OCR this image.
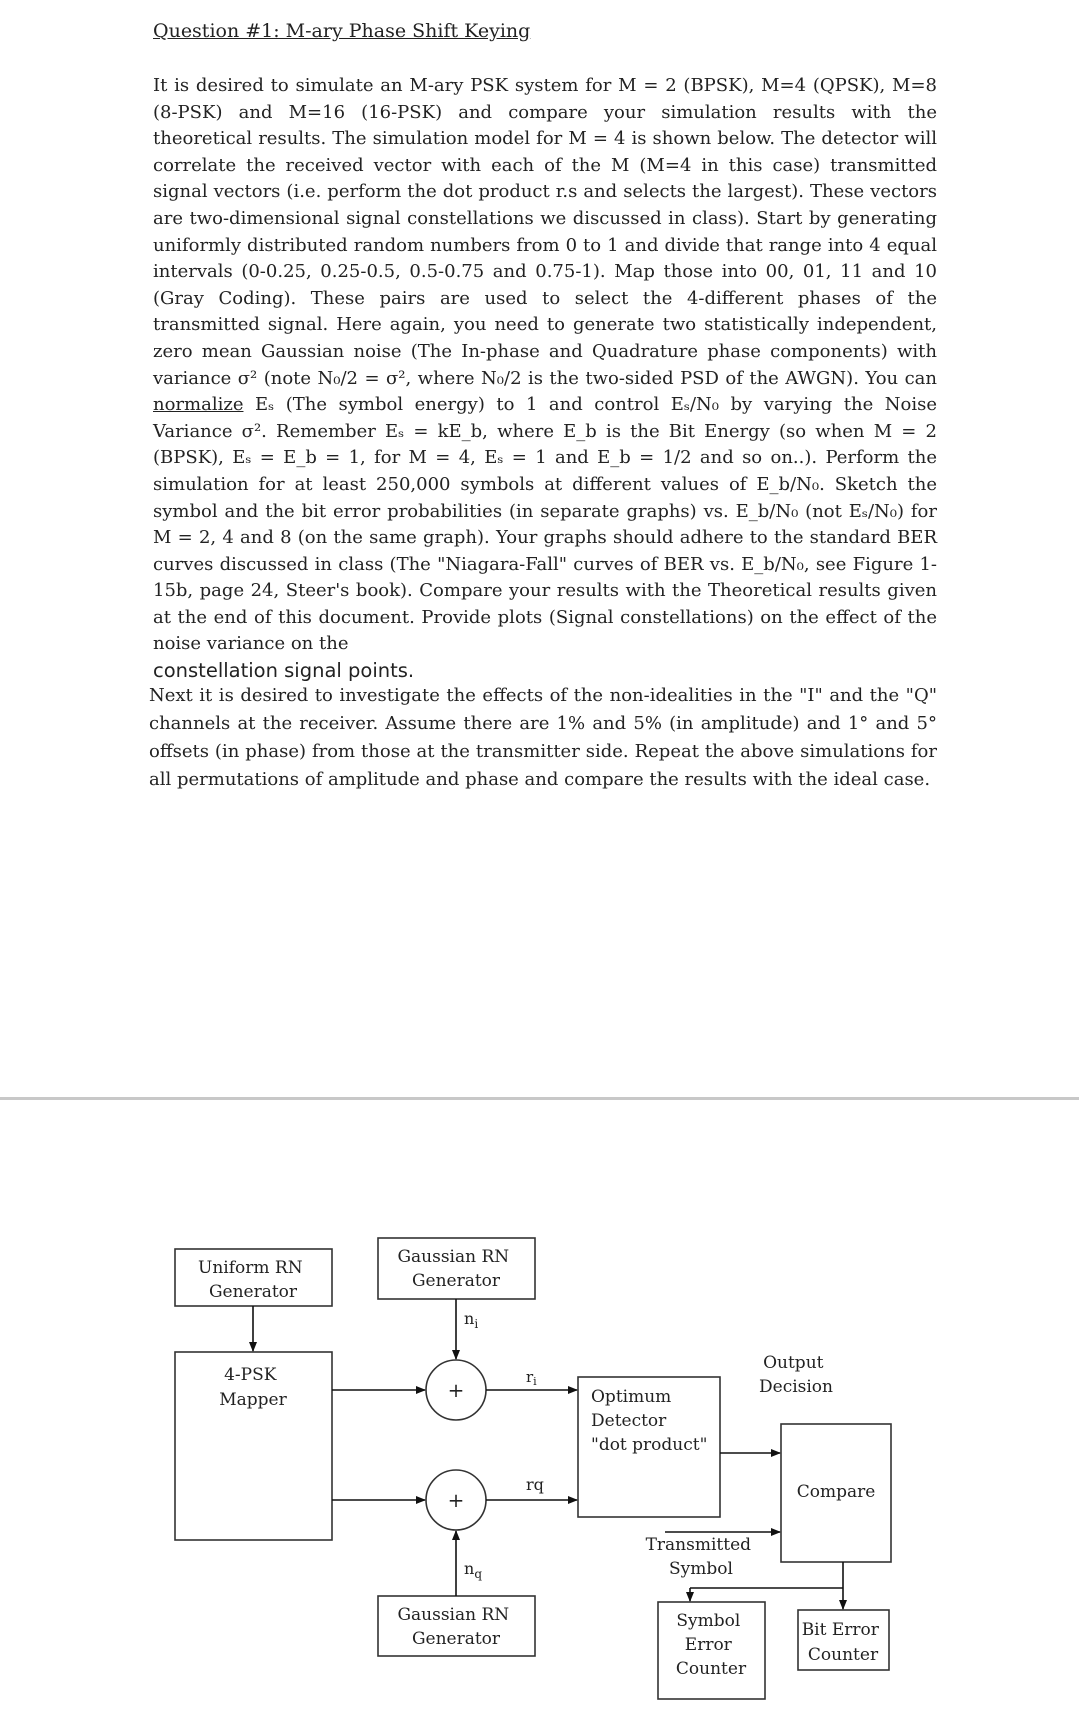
Question #1: M-ary Phase Shift Keying

It is desired to simulate an M-ary PSK system for M = 2 (BPSK), M=4 (QPSK), M=8 (8-PSK) and M=16 (16-PSK) and compare your simulation results with the theoretical results. The simulation model for M = 4 is shown below. The detector will correlate the received vector with each of the M (M=4 in this case) transmitted signal vectors (i.e. perform the dot product r.s and selects the largest). These vectors are two-dimensional signal constellations we discussed in class). Start by generating uniformly distributed random numbers from 0 to 1 and divide that range into 4 equal intervals (0-0.25, 0.25-0.5, 0.5-0.75 and 0.75-1). Map those into 00, 01, 11 and 10 (Gray Coding). These pairs are used to select the 4-different phases of the transmitted signal. Here again, you need to generate two statistically independent, zero mean Gaussian noise (The In-phase and Quadrature phase components) with variance σ² (note N₀/2 = σ², where N₀/2 is the two-sided PSD of the AWGN). You can normalize Eₛ (The symbol energy) to 1 and control Eₛ/N₀ by varying the Noise Variance σ². Remember Eₛ = kE_b, where E_b is the Bit Energy (so when M = 2 (BPSK), Eₛ = E_b = 1, for M = 4, Eₛ = 1 and E_b = 1/2 and so on..). Perform the simulation for at least 250,000 symbols at different values of E_b/N₀. Sketch the symbol and the bit error probabilities (in separate graphs) vs. E_b/N₀ (not Eₛ/N₀) for M = 2, 4 and 8 (on the same graph). Your graphs should adhere to the standard BER curves discussed in class (The "Niagara-Fall" curves of BER vs. E_b/N₀, see Figure 1-15b, page 24, Steer's book). Compare your results with the Theoretical results given at the end of this document. Provide plots (Signal constellations) on the effect of the noise variance on the
constellation signal points.

Next it is desired to investigate the effects of the non-idealities in the "I" and the "Q" channels at the receiver. Assume there are 1% and 5% (in amplitude) and 1° and 5° offsets (in phase) from those at the transmitter side. Repeat the above simulations for all permutations of amplitude and phase and compare the results with the ideal case.

Uniform RN Generator
Gaussian RN Generator
4-PSK Mapper	Optimum Detector "dot product"
Compare
Gaussian RN Generator
Symbol Error Counter
Bit Error Counter
Output Decision
Transmitted Symbol
+
+
$n_i$
$n_q$
$r_i$
rq
